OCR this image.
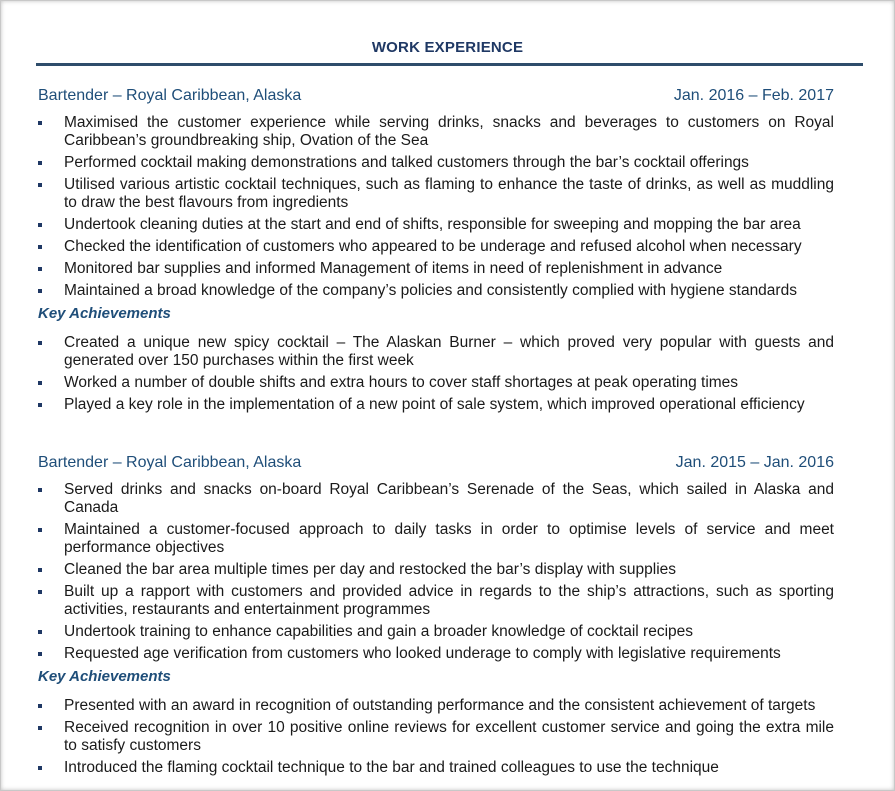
WORK EXPERIENCE
Bartender – Royal Caribbean, Alaska	Jan. 2016 – Feb. 2017
Maximised the customer experience while serving drinks, snacks and beverages to customers on Royal Caribbean’s groundbreaking ship, Ovation of the Sea
Performed cocktail making demonstrations and talked customers through the bar’s cocktail offerings
Utilised various artistic cocktail techniques, such as flaming to enhance the taste of drinks, as well as muddling to draw the best flavours from ingredients
Undertook cleaning duties at the start and end of shifts, responsible for sweeping and mopping the bar area
Checked the identification of customers who appeared to be underage and refused alcohol when necessary
Monitored bar supplies and informed Management of items in need of replenishment in advance
Maintained a broad knowledge of the company’s policies and consistently complied with hygiene standards
Key Achievements
Created a unique new spicy cocktail – The Alaskan Burner – which proved very popular with guests and generated over 150 purchases within the first week
Worked a number of double shifts and extra hours to cover staff shortages at peak operating times
Played a key role in the implementation of a new point of sale system, which improved operational efficiency
Bartender – Royal Caribbean, Alaska	Jan. 2015 – Jan. 2016
Served drinks and snacks on-board Royal Caribbean’s Serenade of the Seas, which sailed in Alaska and Canada
Maintained a customer-focused approach to daily tasks in order to optimise levels of service and meet performance objectives
Cleaned the bar area multiple times per day and restocked the bar’s display with supplies
Built up a rapport with customers and provided advice in regards to the ship’s attractions, such as sporting activities, restaurants and entertainment programmes
Undertook training to enhance capabilities and gain a broader knowledge of cocktail recipes
Requested age verification from customers who looked underage to comply with legislative requirements
Key Achievements
Presented with an award in recognition of outstanding performance and the consistent achievement of targets
Received recognition in over 10 positive online reviews for excellent customer service and going the extra mile to satisfy customers
Introduced the flaming cocktail technique to the bar and trained colleagues to use the technique
